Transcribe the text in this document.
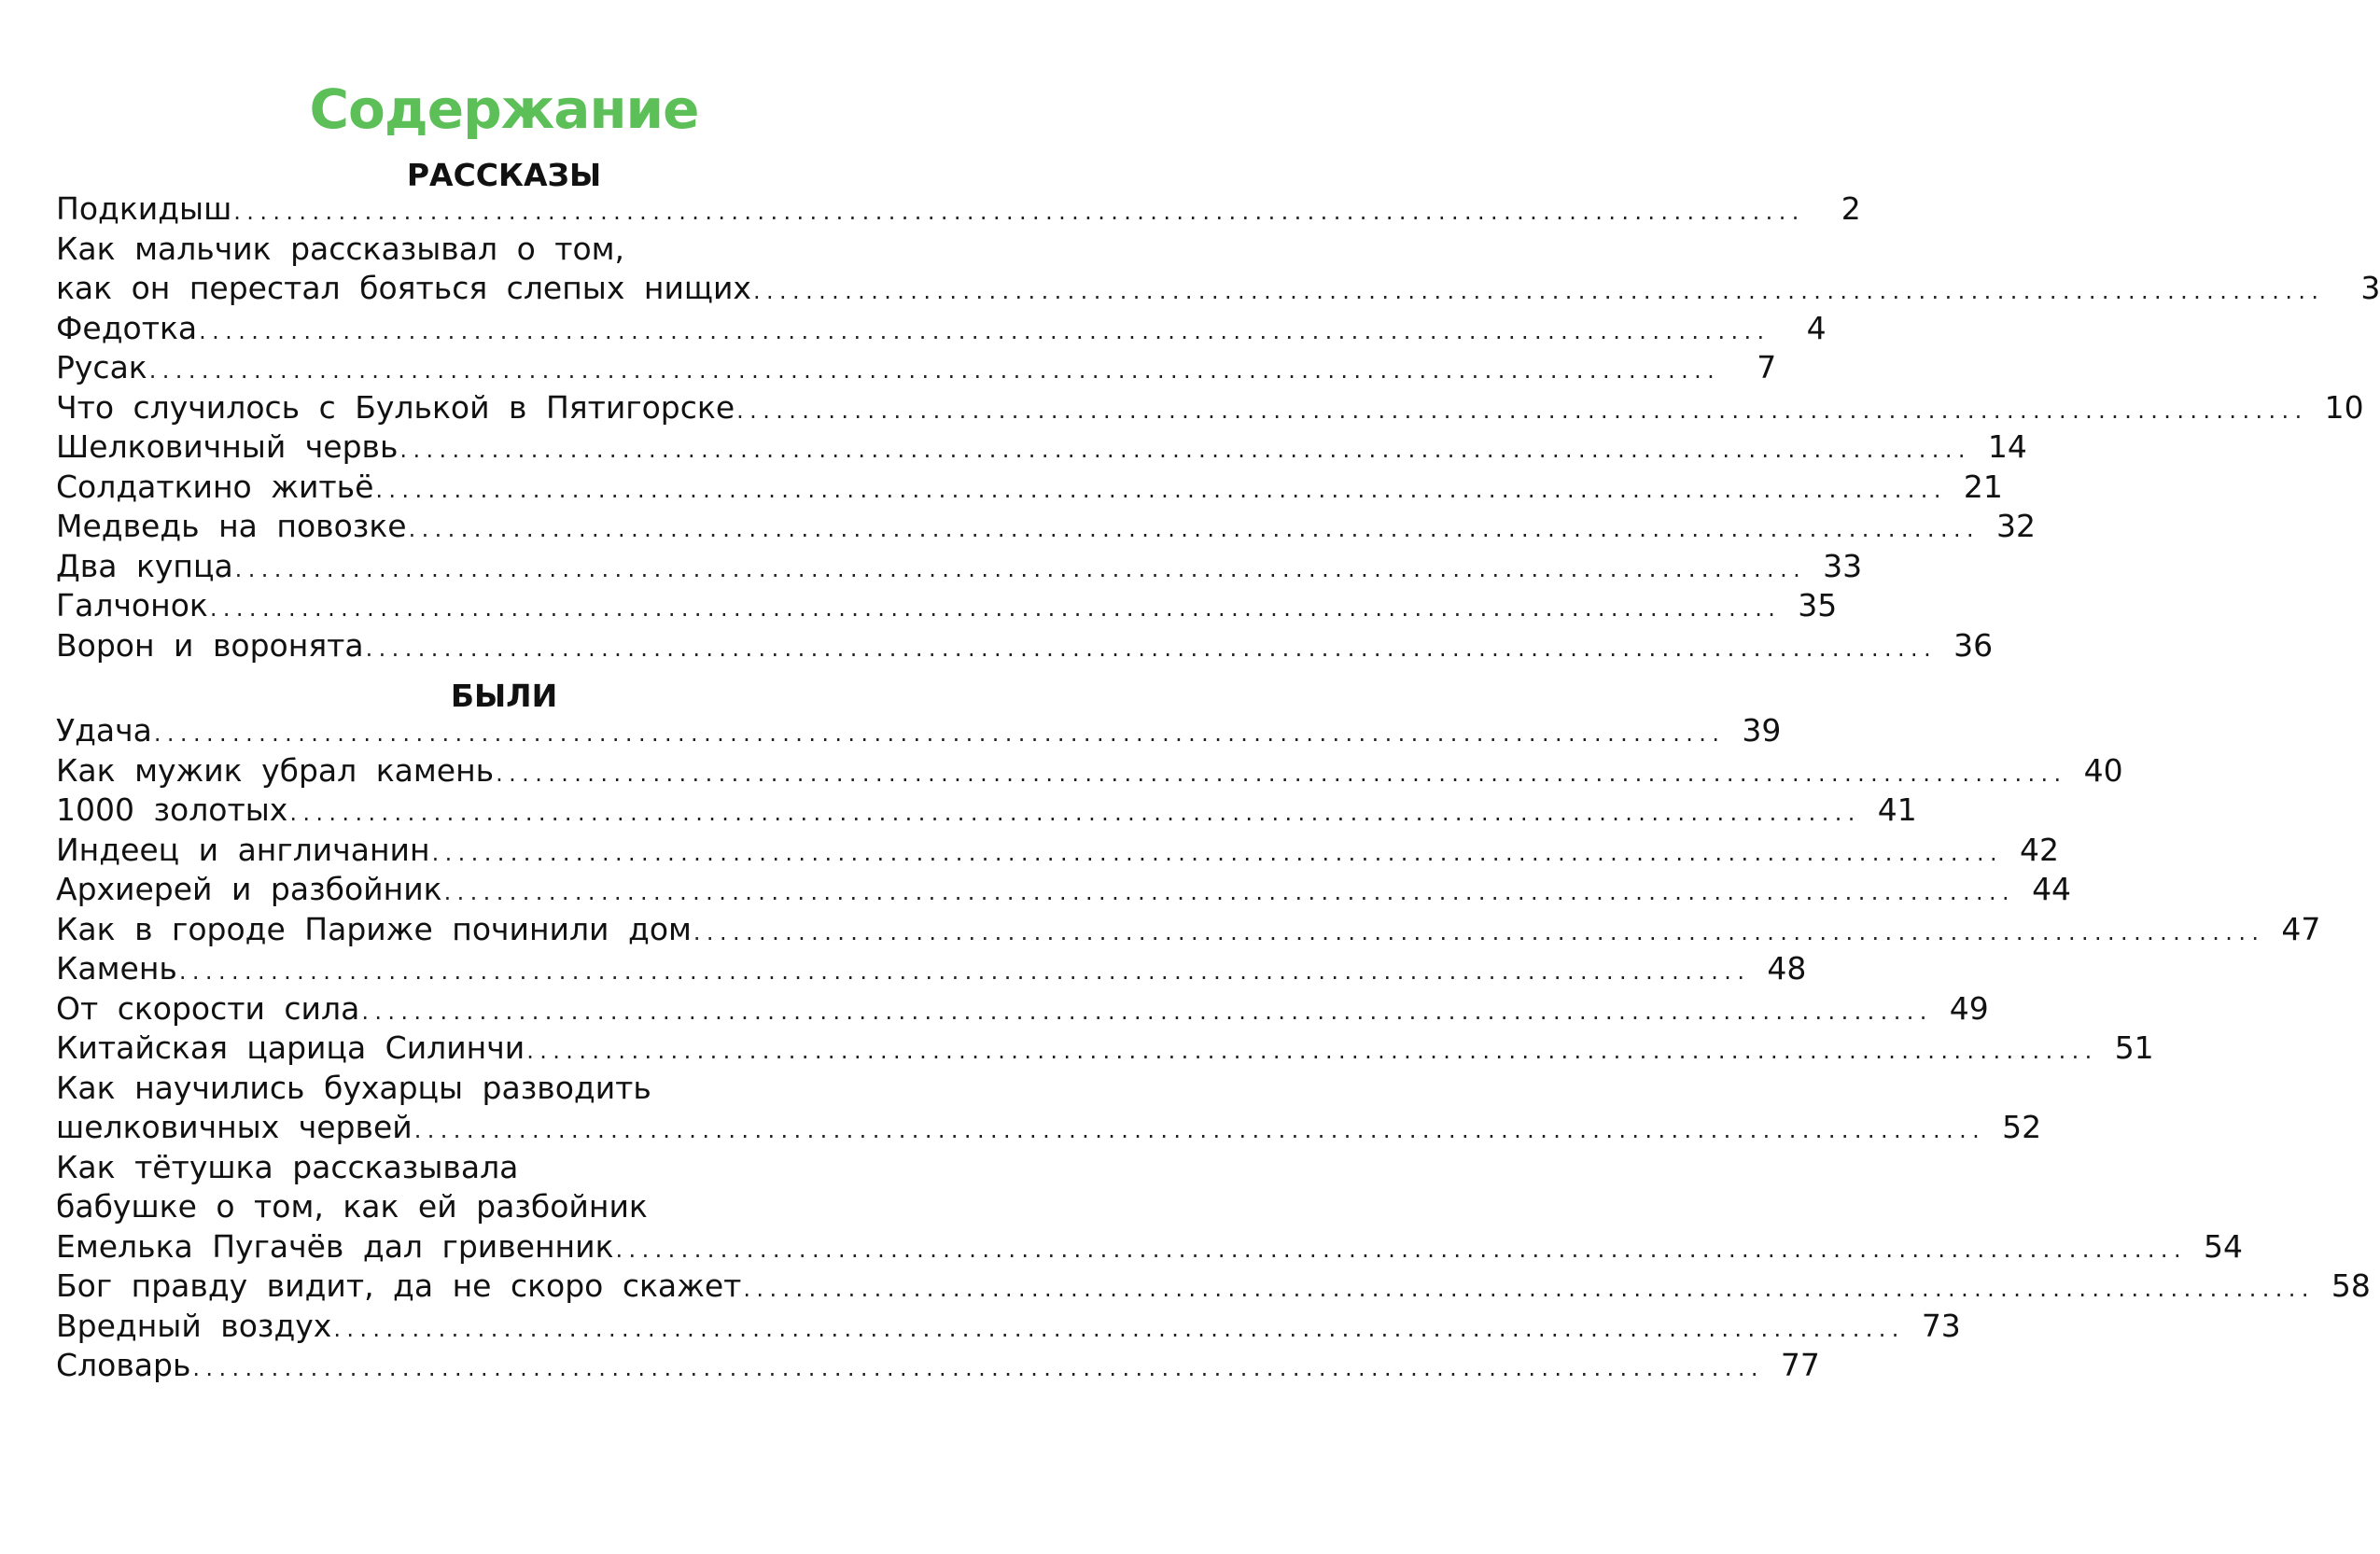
Содержание
РАССКАЗЫ
Подкидыш ........................................................................................................................	2
Как мальчик рассказывал о том,
как он перестал бояться слепых нищих ........................................................................................................................	3
Федотка ........................................................................................................................	4
Русак ........................................................................................................................	7
Что случилось с Булькой в Пятигорске ........................................................................................................................ 10
Шелковичный червь ........................................................................................................................ 14
Солдаткино житьё ........................................................................................................................ 21
Медведь на повозке ........................................................................................................................ 32
Два купца ........................................................................................................................ 33
Галчонок ........................................................................................................................ 35
Ворон и воронята ........................................................................................................................ 36
БЫЛИ
Удача ........................................................................................................................ 39
Как мужик убрал камень ........................................................................................................................ 40
1000 золотых ........................................................................................................................ 41
Индеец и англичанин ........................................................................................................................ 42
Архиерей и разбойник ........................................................................................................................ 44
Как в городе Париже починили дом ........................................................................................................................ 47
Камень ........................................................................................................................ 48
От скорости сила ........................................................................................................................ 49
Китайская царица Силинчи ........................................................................................................................ 51
Как научились бухарцы разводить
шелковичных червей ........................................................................................................................ 52
Как тётушка рассказывала
бабушке о том, как ей разбойник
Емелька Пугачёв дал гривенник ........................................................................................................................ 54
Бог правду видит, да не скоро скажет ........................................................................................................................ 58
Вредный воздух ........................................................................................................................ 73
Словарь ........................................................................................................................ 77
